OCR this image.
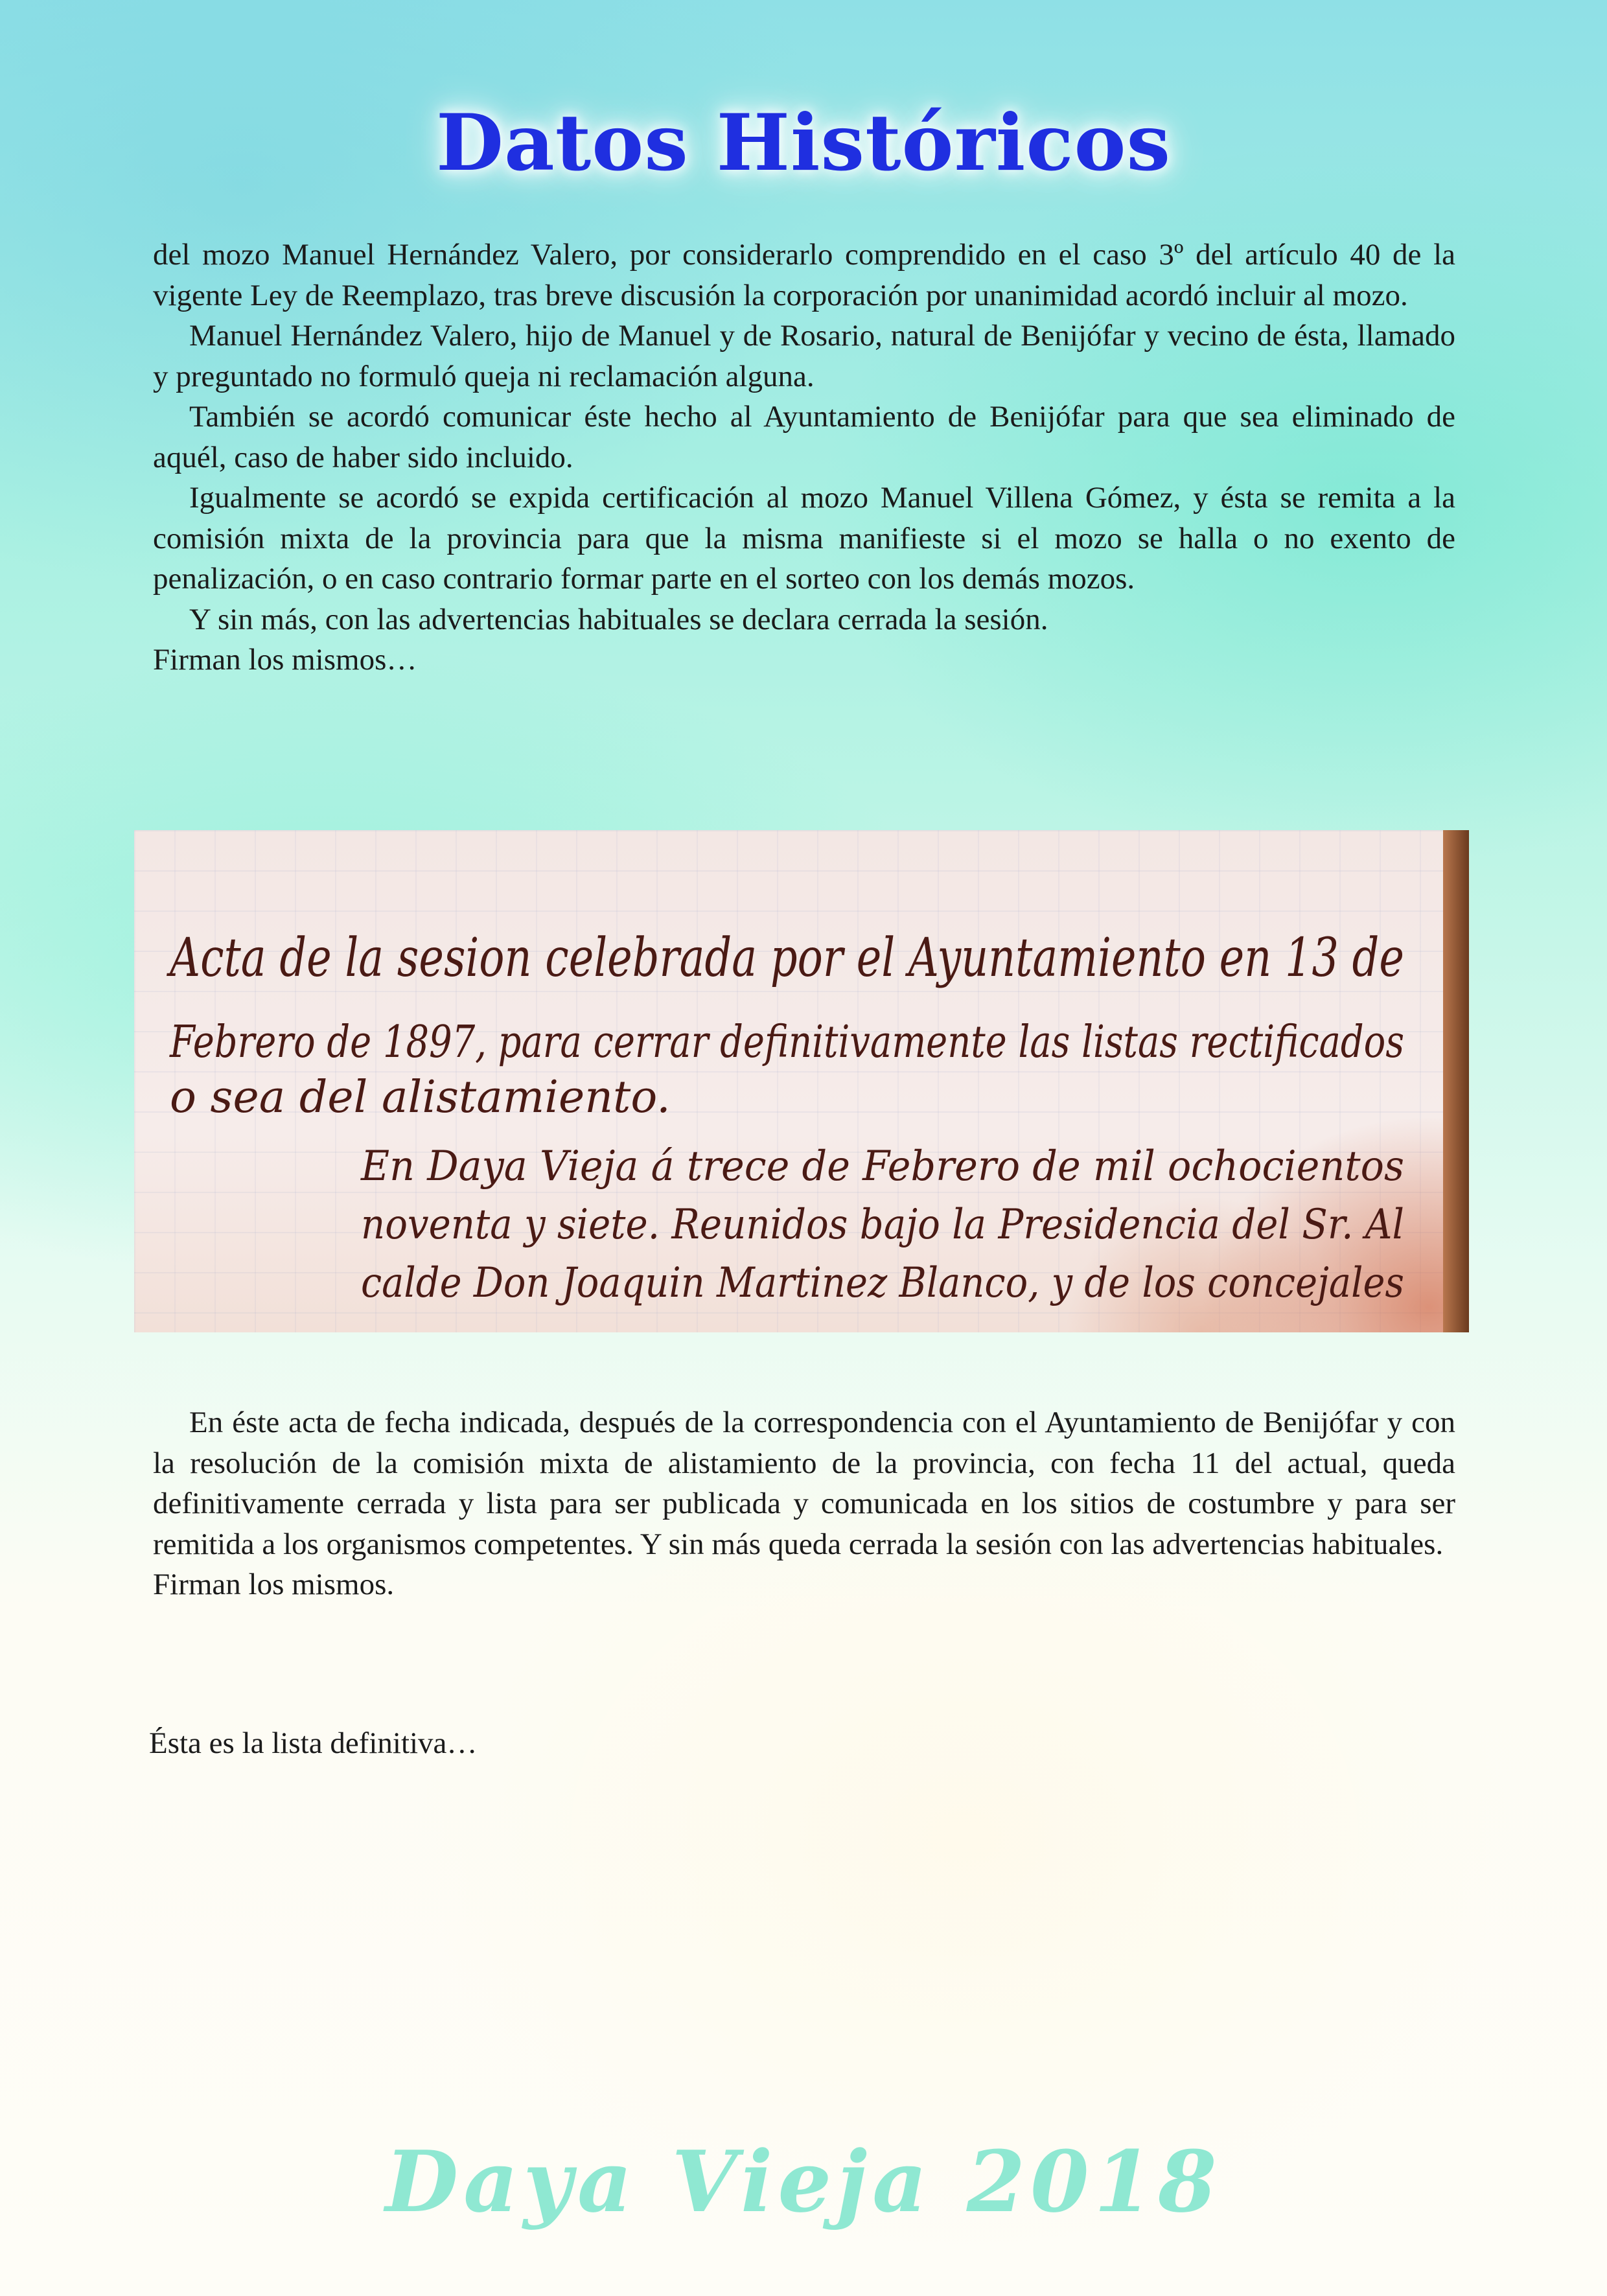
Datos Históricos

del mozo Manuel Hernández Valero, por considerarlo comprendido en el caso 3º del artículo 40 de la vigente Ley de Reemplazo, tras breve discusión la corporación por unanimidad acordó incluir al mozo.

Manuel Hernández Valero, hijo de Manuel y de Rosario, natural de Benijófar y vecino de ésta, llamado y preguntado no formuló queja ni reclamación alguna.

También se acordó comunicar éste hecho al Ayuntamiento de Benijófar para que sea eliminado de aquél, caso de haber sido incluido.

Igualmente se acordó se expida certificación al mozo Manuel Villena Gómez, y ésta se remita a la comisión mixta de la provincia para que la misma manifieste si el mozo se halla o no exento de penalización, o en caso contrario formar parte en el sorteo con los demás mozos.

Y sin más, con las advertencias habituales se declara cerrada la sesión.

Firman los mismos…

Acta de la sesion celebrada por el Ayuntamiento en 13 de
Febrero de 1897, para cerrar definitivamente las listas rectificados
o sea del alistamiento.
En Daya Vieja á trece de Febrero de mil ochocientos
noventa y siete. Reunidos bajo la Presidencia del Sr. Al
calde Don Joaquin Martinez Blanco, y de los concejales

En éste acta de fecha indicada, después de la correspondencia con el Ayuntamiento de Benijófar y con la resolución de la comisión mixta de alistamiento de la provincia, con fecha 11 del actual, queda definitivamente cerrada y lista para ser publicada y comunicada en los sitios de costumbre y para ser remitida a los organismos competentes. Y sin más queda cerrada la sesión con las advertencias habituales.

Firman los mismos.

Ésta es la lista definitiva…
Daya Vieja 2018
